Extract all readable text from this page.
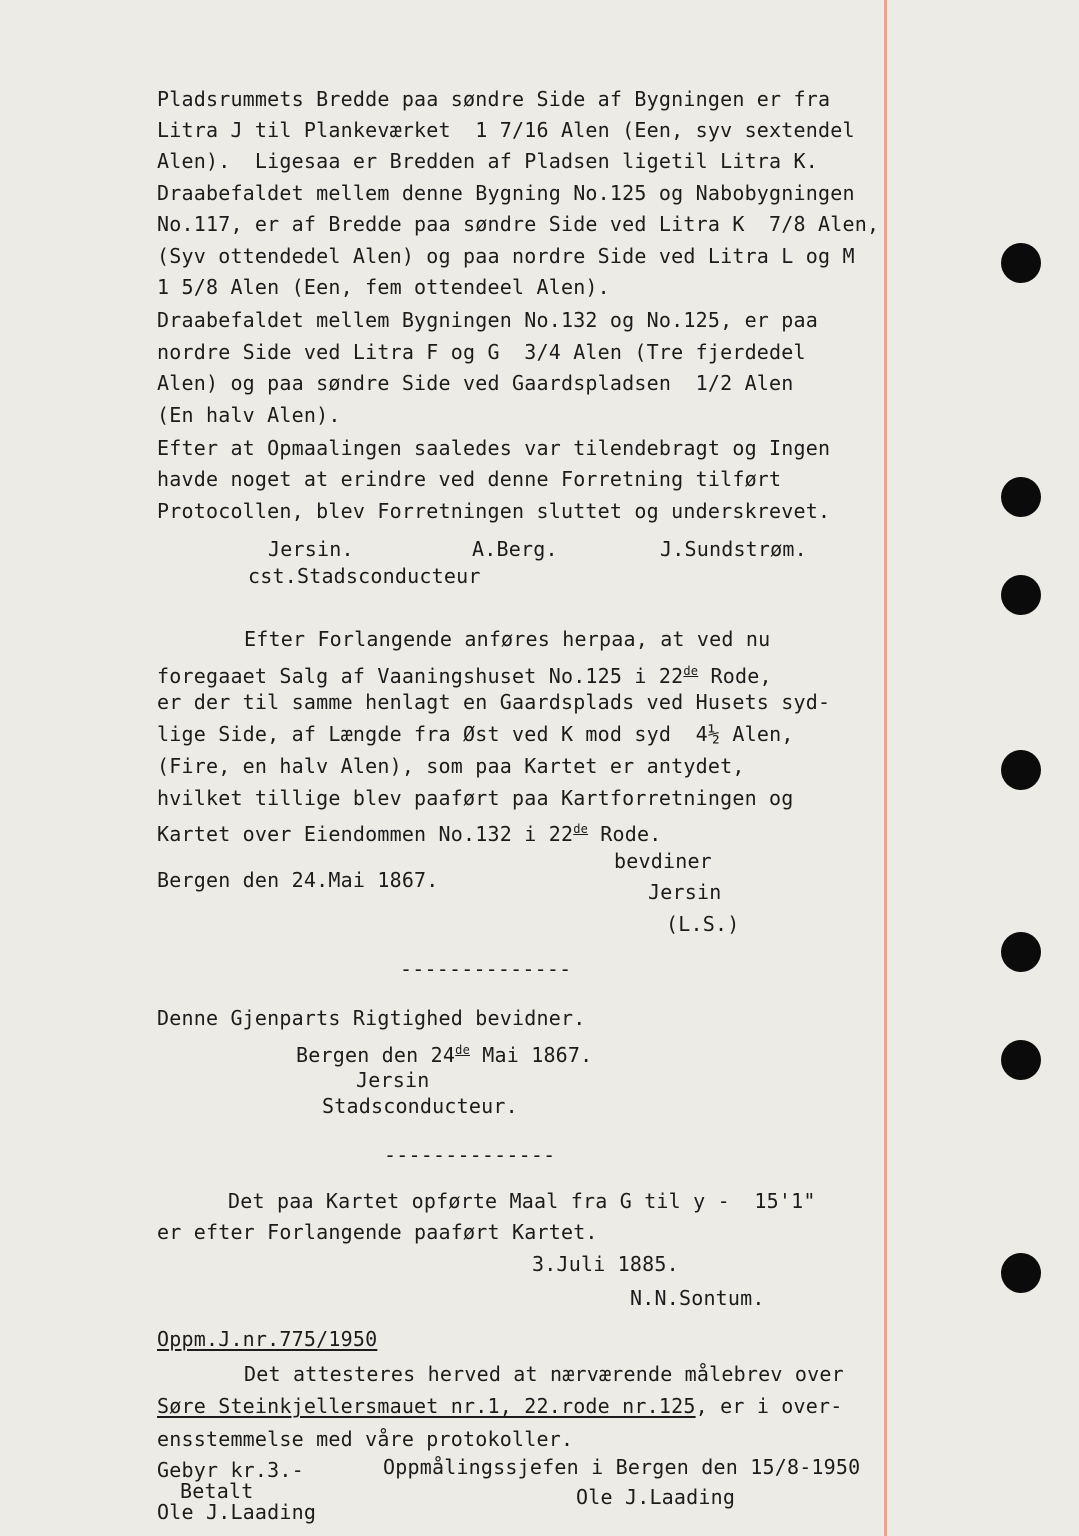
Pladsrummets Bredde paa søndre Side af Bygningen er fra
Litra J til Plankeværket  1 7/16 Alen (Een, syv sextendel
Alen).  Ligesaa er Bredden af Pladsen ligetil Litra K.
Draabefaldet mellem denne Bygning No.125 og Nabobygningen
No.117, er af Bredde paa søndre Side ved Litra K  7/8 Alen,
(Syv ottendedel Alen) og paa nordre Side ved Litra L og M
1 5/8 Alen (Een, fem ottendeel Alen).
Draabefaldet mellem Bygningen No.132 og No.125, er paa
nordre Side ved Litra F og G  3/4 Alen (Tre fjerdedel
Alen) og paa søndre Side ved Gaardspladsen  1/2 Alen
(En halv Alen).
Efter at Opmaalingen saaledes var tilendebragt og Ingen
havde noget at erindre ved denne Forretning tilført
Protocollen, blev Forretningen sluttet og underskrevet.
Jersin.	A.Berg.	J.Sundstrøm.
cst.Stadsconducteur
Efter Forlangende anføres herpaa, at ved nu
foregaaet Salg af Vaaningshuset No.125 i 22de Rode,
er der til samme henlagt en Gaardsplads ved Husets syd-
lige Side, af Længde fra Øst ved K mod syd  4½ Alen,
(Fire, en halv Alen), som paa Kartet er antydet,
hvilket tillige blev paaført paa Kartforretningen og
Kartet over Eiendommen No.132 i 22de Rode.
bevdiner
Bergen den 24.Mai 1867.	Jersin
(L.S.)
--------------
Denne Gjenparts Rigtighed bevidner.
Bergen den 24de Mai 1867.
Jersin
Stadsconducteur.
--------------
Det paa Kartet opførte Maal fra G til y -  15'1"
er efter Forlangende paaført Kartet.
3.Juli 1885.
N.N.Sontum.
Oppm.J.nr.775/1950
Det attesteres herved at nærværende målebrev over
Søre Steinkjellersmauet nr.1, 22.rode nr.125, er i over-
ensstemmelse med våre protokoller.
Gebyr kr.3.-	Oppmålingssjefen i Bergen den 15/8-1950
Betalt	Ole J.Laading
Ole J.Laading
